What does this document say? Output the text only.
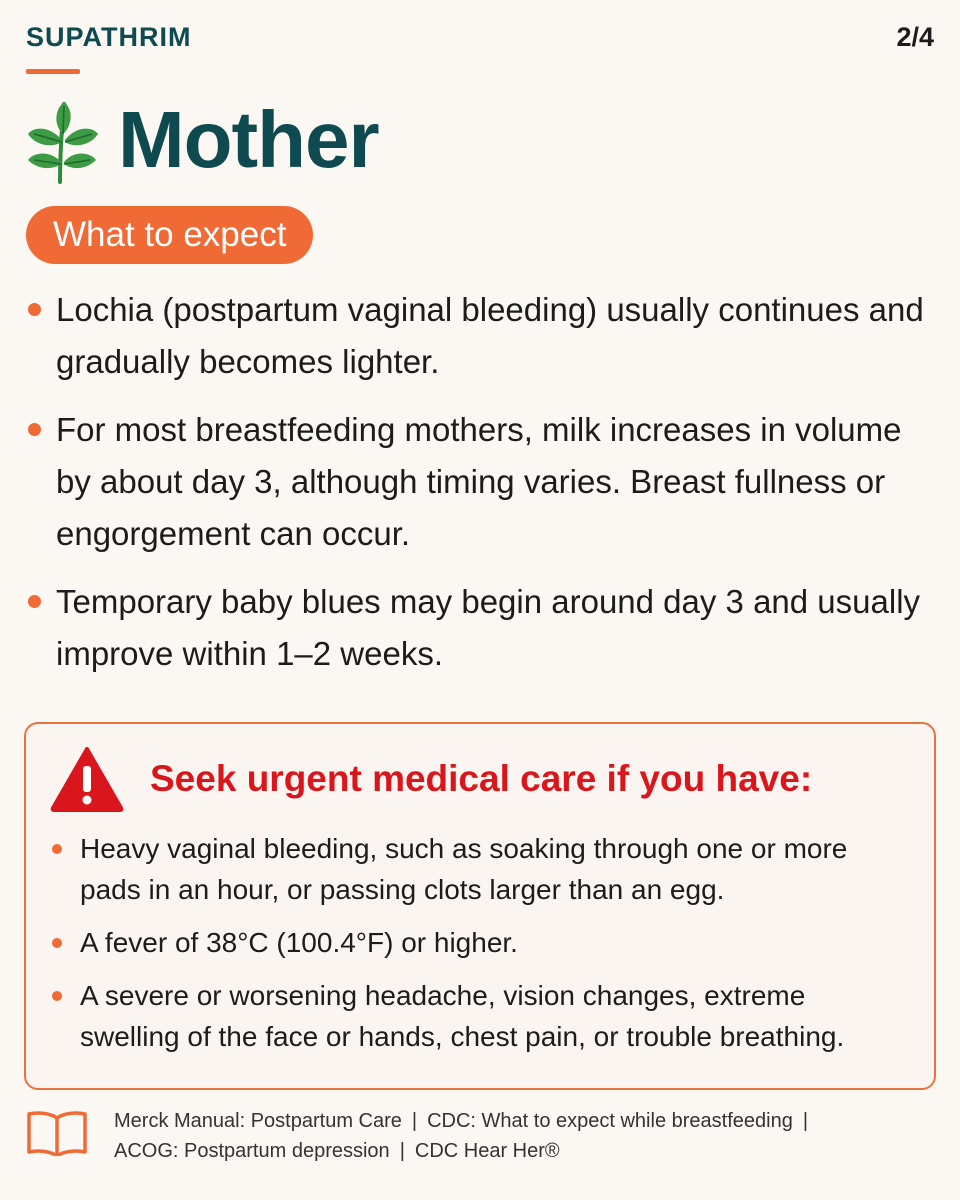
SUPATHRIM	2/4
Mother
What to expect
Lochia (postpartum vaginal bleeding) usually continues and gradually becomes lighter.
For most breastfeeding mothers, milk increases in volume by about day 3, although timing varies. Breast fullness or engorgement can occur.
Temporary baby blues may begin around day 3 and usually improve within 1–2 weeks.
Seek urgent medical care if you have:
Heavy vaginal bleeding, such as soaking through one or more pads in an hour, or passing clots larger than an egg.
A fever of 38°C (100.4°F) or higher.
A severe or worsening headache, vision changes, extreme swelling of the face or hands, chest pain, or trouble breathing.
Merck Manual: Postpartum Care | CDC: What to expect while breastfeeding |
ACOG: Postpartum depression | CDC Hear Her®
